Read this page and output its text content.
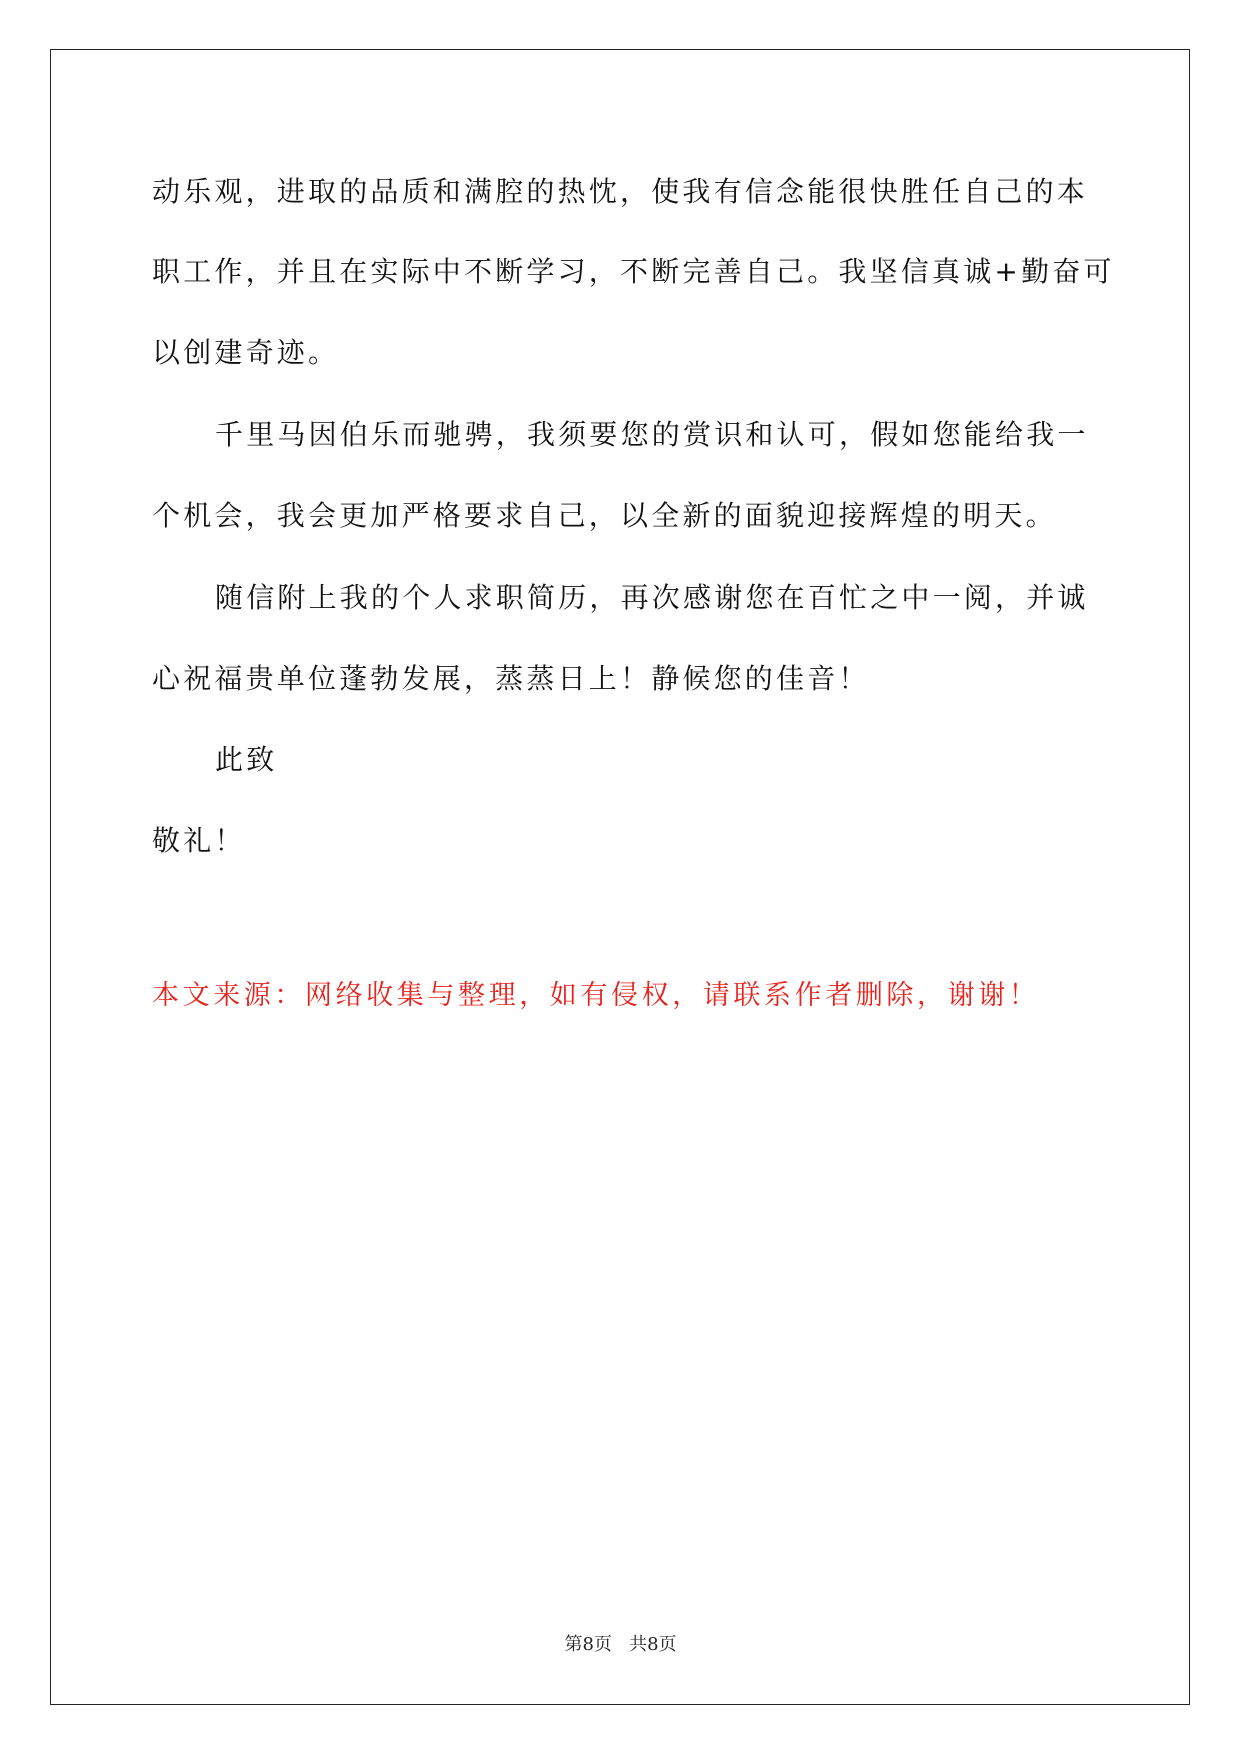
动乐观，进取的品质和满腔的热忱，使我有信念能很快胜任自己的本
职工作，并且在实际中不断学习，不断完善自己。我坚信真诚+勤奋可
以创建奇迹。
千里马因伯乐而驰骋，我须要您的赏识和认可，假如您能给我一
个机会，我会更加严格要求自己，以全新的面貌迎接辉煌的明天。
随信附上我的个人求职简历，再次感谢您在百忙之中一阅，并诚
心祝福贵单位蓬勃发展，蒸蒸日上！静候您的佳音！
此致
敬礼！
本文来源：网络收集与整理，如有侵权，请联系作者删除，谢谢！
第8页   共8页
